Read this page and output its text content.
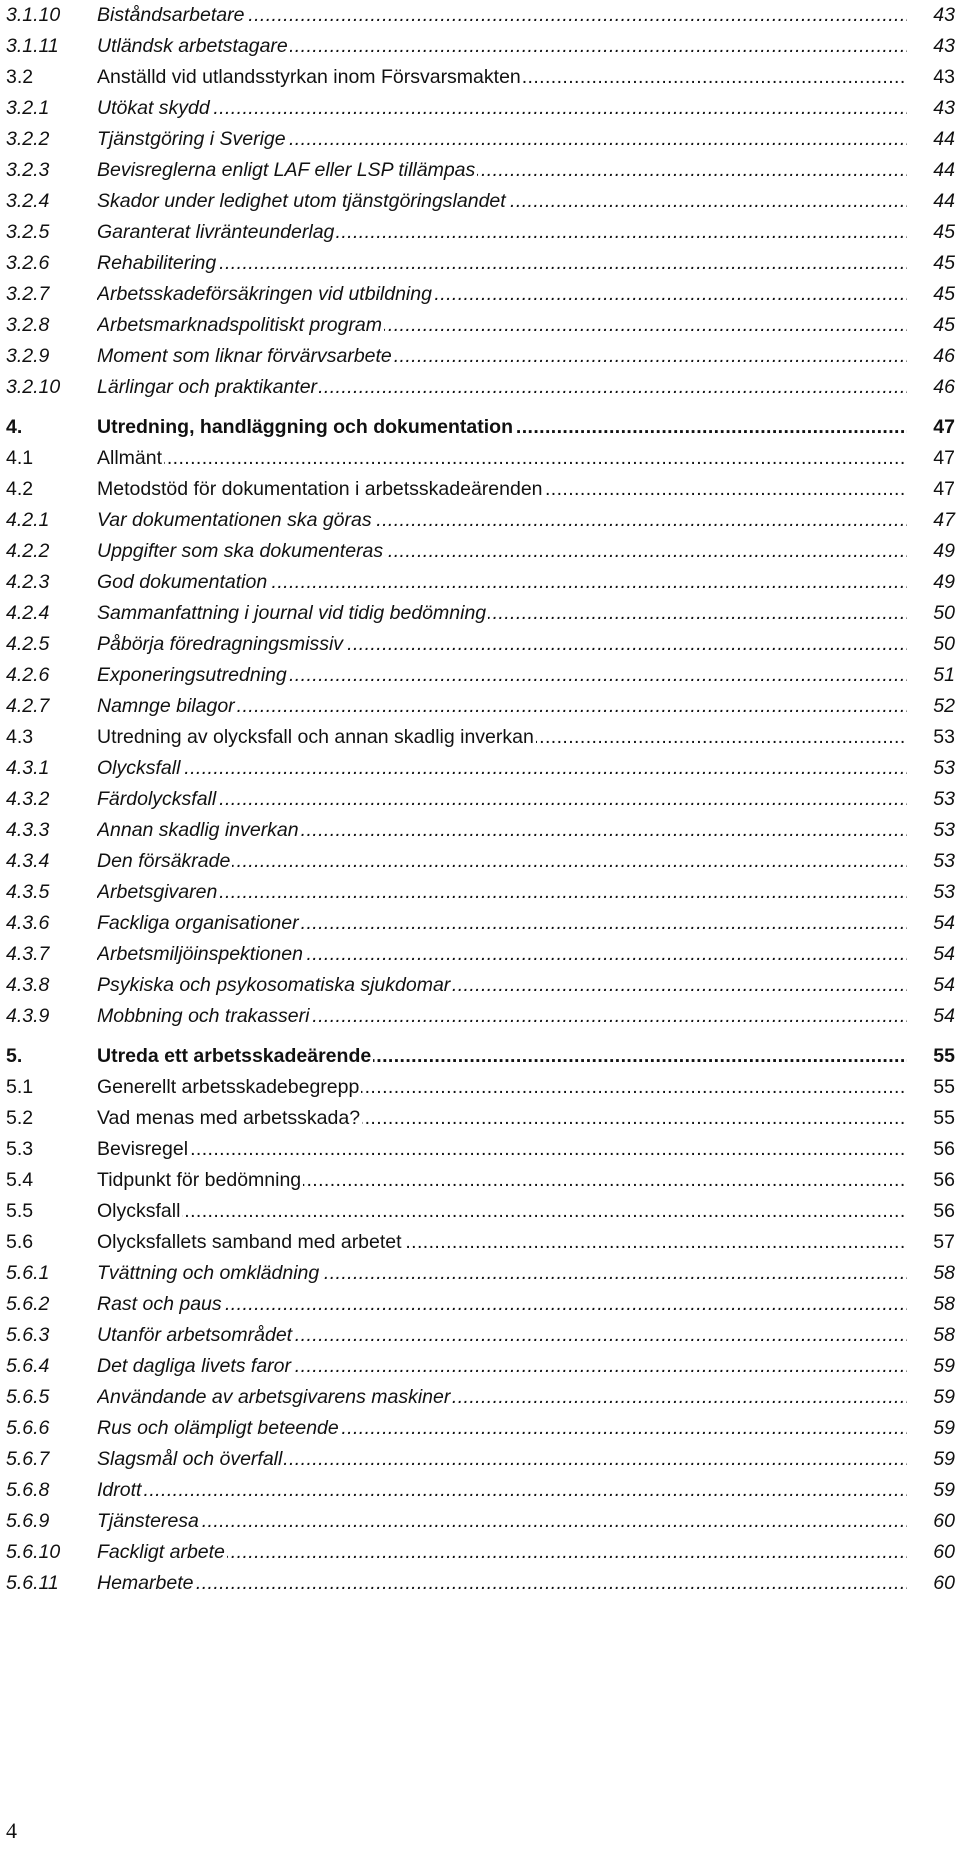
3.1.10 Biståndsarbetare .....	43
3.1.11 Utländsk arbetstagare .....	43
3.2	Anställd vid utlandsstyrkan inom Försvarsmakten .....	43
3.2.1 Utökat skydd .....	43
3.2.2 Tjänstgöring i Sverige .....	44
3.2.3 Bevisreglerna enligt LAF eller LSP tillämpas .....	44
3.2.4 Skador under ledighet utom tjänstgöringslandet .....	44
3.2.5 Garanterat livränteunderlag .....	45
3.2.6 Rehabilitering .....	45
3.2.7 Arbetsskadeförsäkringen vid utbildning .....	45
3.2.8 Arbetsmarknadspolitiskt program .....	45
3.2.9 Moment som liknar förvärvsarbete .....	46
3.2.10 Lärlingar och praktikanter .....	46
4.	Utredning, handläggning och dokumentation .....	47
4.1	Allmänt .....	47
4.2	Metodstöd för dokumentation i arbetsskadeärenden .....	47
4.2.1 Var dokumentationen ska göras .....	47
4.2.2 Uppgifter som ska dokumenteras .....	49
4.2.3 God dokumentation .....	49
4.2.4 Sammanfattning i journal vid tidig bedömning .....	50
4.2.5 Påbörja föredragningsmissiv .....	50
4.2.6 Exponeringsutredning .....	51
4.2.7 Namnge bilagor .....	52
4.3	Utredning av olycksfall och annan skadlig inverkan .....	53
4.3.1 Olycksfall .....	53
4.3.2 Färdolycksfall .....	53
4.3.3 Annan skadlig inverkan .....	53
4.3.4 Den försäkrade .....	53
4.3.5 Arbetsgivaren .....	53
4.3.6 Fackliga organisationer .....	54
4.3.7 Arbetsmiljöinspektionen .....	54
4.3.8 Psykiska och psykosomatiska sjukdomar .....	54
4.3.9 Mobbning och trakasseri .....	54
5.	Utreda ett arbetsskadeärende .....	55
5.1	Generellt arbetsskadebegrepp .....	55
5.2	Vad menas med arbetsskada? .....	55
5.3	Bevisregel .....	56
5.4	Tidpunkt för bedömning .....	56
5.5	Olycksfall .....	56
5.6	Olycksfallets samband med arbetet .....	57
5.6.1 Tvättning och omklädning .....	58
5.6.2 Rast och paus .....	58
5.6.3 Utanför arbetsområdet .....	58
5.6.4 Det dagliga livets faror .....	59
5.6.5 Användande av arbetsgivarens maskiner .....	59
5.6.6 Rus och olämpligt beteende .....	59
5.6.7 Slagsmål och överfall .....	59
5.6.8 Idrott .....	59
5.6.9 Tjänsteresa .....	60
5.6.10 Fackligt arbete .....	60
5.6.11 Hemarbete .....	60
4
